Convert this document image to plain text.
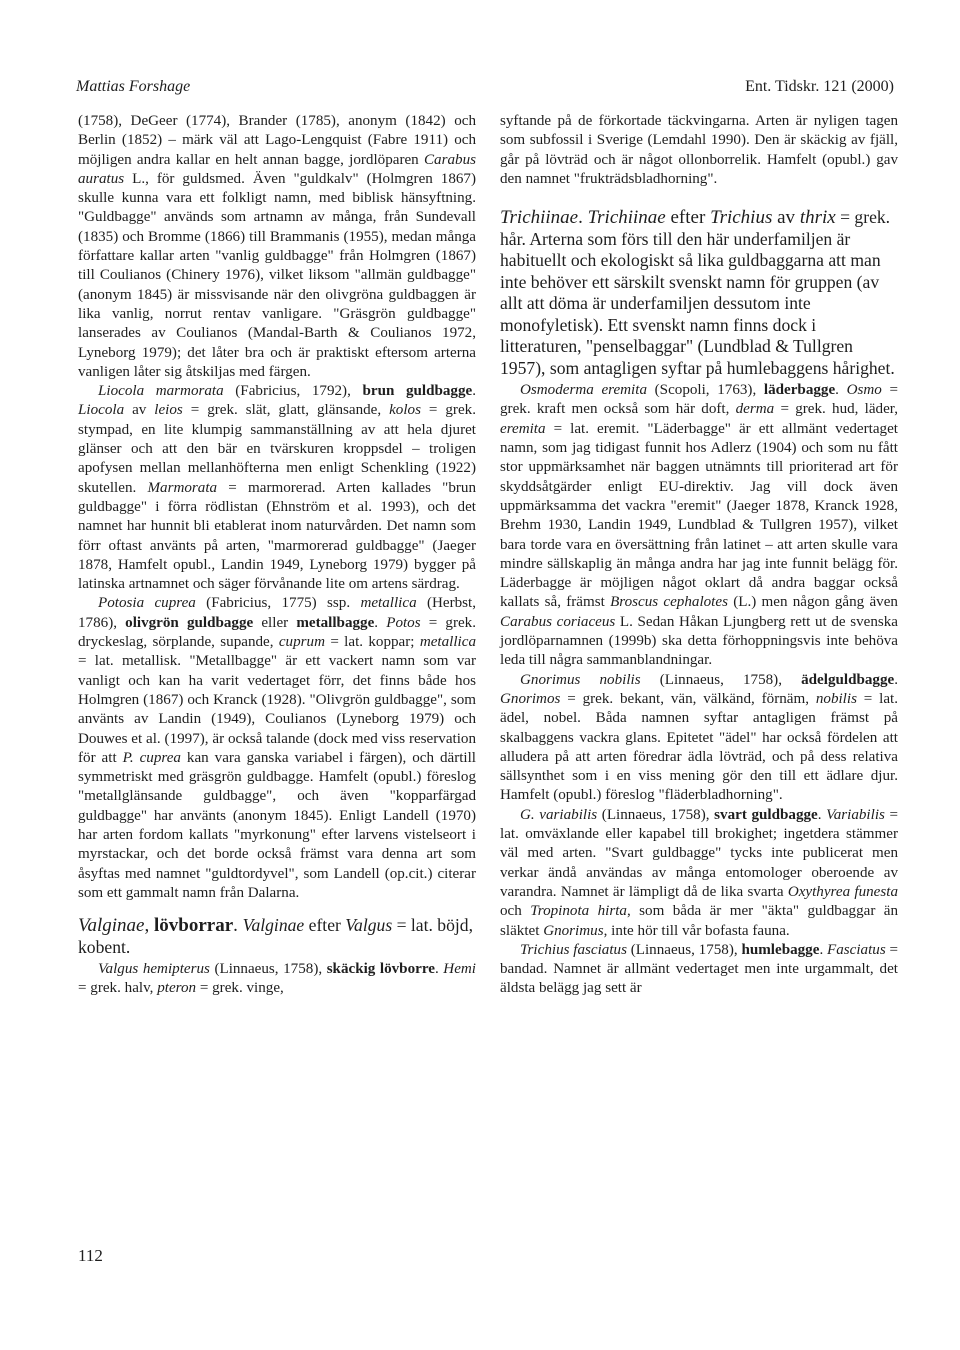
Mattias Forshage	Ent. Tidskr. 121 (2000)

(1758), DeGeer (1774), Brander (1785), anonym (1842) och Berlin (1852) – märk väl att Lago-Lengquist (Fabre 1911) och möjligen andra kallar en helt annan bagge, jordlöparen Carabus auratus L., för guldsmed. Även "guldkalv" (Holmgren 1867) skulle kunna vara ett folkligt namn, med biblisk hänsyftning. "Guldbagge" används som artnamn av många, från Sundevall (1835) och Bromme (1866) till Brammanis (1955), medan många författare kallar arten "vanlig guldbagge" från Holmgren (1867) till Coulianos (Chinery 1976), vilket liksom "allmän guldbagge" (anonym 1845) är missvisande när den olivgröna guldbaggen är lika vanlig, norrut rentav vanligare. "Gräsgrön guldbagge" lanserades av Coulianos (Mandal-Barth & Coulianos 1972, Lyneborg 1979); det låter bra och är praktiskt eftersom arterna vanligen låter sig åtskiljas med färgen.

Liocola marmorata (Fabricius, 1792), brun guldbagge. Liocola av leios = grek. slät, glatt, glänsande, kolos = grek. stympad, en lite klumpig sammanställning av att hela djuret glänser och att den bär en tvärskuren kroppsdel – troligen apofysen mellan mellanhöfterna men enligt Schenkling (1922) skutellen. Marmorata = marmorerad. Arten kallades "brun guldbagge" i förra rödlistan (Ehnström et al. 1993), och det namnet har hunnit bli etablerat inom naturvården. Det namn som förr oftast använts på arten, "marmorerad guldbagge" (Jaeger 1878, Hamfelt opubl., Landin 1949, Lyneborg 1979) bygger på latinska artnamnet och säger förvånande lite om artens särdrag.

Potosia cuprea (Fabricius, 1775) ssp. metallica (Herbst, 1786), olivgrön guldbagge eller metallbagge. Potos = grek. dryckeslag, sörplande, supande, cuprum = lat. koppar; metallica = lat. metallisk. "Metallbagge" är ett vackert namn som var vanligt och kan ha varit vedertaget förr, det finns både hos Holmgren (1867) och Kranck (1928). "Olivgrön guldbagge", som använts av Landin (1949), Coulianos (Lyneborg 1979) och Douwes et al. (1997), är också talande (dock med viss reservation för att P. cuprea kan vara ganska variabel i färgen), och därtill symmetriskt med gräsgrön guldbagge. Hamfelt (opubl.) föreslog "metallglänsande guldbagge", och även "kopparfärgad guldbagge" har använts (anonym 1845). Enligt Landell (1970) har arten fordom kallats "myrkonung" efter larvens vistelseort i myrstackar, och det borde också främst vara denna art som åsyftas med namnet "guldtordyvel", som Landell (op.cit.) citerar som ett gammalt namn från Dalarna.

Valginae, lövborrar. Valginae efter Valgus = lat. böjd, kobent.

Valgus hemipterus (Linnaeus, 1758), skäckig lövborre. Hemi = grek. halv, pteron = grek. vinge,

syftande på de förkortade täckvingarna. Arten är nyligen tagen som subfossil i Sverige (Lemdahl 1990). Den är skäckig av fjäll, går på lövträd och är något ollonborrelik. Hamfelt (opubl.) gav den namnet "frukträdsbladhorning".

Trichiinae. Trichiinae efter Trichius av thrix = grek. hår. Arterna som förs till den här underfamiljen är habituellt och ekologiskt så lika guldbaggarna att man inte behöver ett särskilt svenskt namn för gruppen (av allt att döma är underfamiljen dessutom inte monofyletisk). Ett svenskt namn finns dock i litteraturen, "penselbaggar" (Lundblad & Tullgren 1957), som antagligen syftar på humlebaggens hårighet.

Osmoderma eremita (Scopoli, 1763), läderbagge. Osmo = grek. kraft men också som här doft, derma = grek. hud, läder, eremita = lat. eremit. "Läderbagge" är ett allmänt vedertaget namn, som jag tidigast funnit hos Adlerz (1904) och som nu fått stor uppmärksamhet när baggen utnämnts till prioriterad art för skyddsåtgärder enligt EU-direktiv. Jag vill dock även uppmärksamma det vackra "eremit" (Jaeger 1878, Kranck 1928, Brehm 1930, Landin 1949, Lundblad & Tullgren 1957), vilket bara torde vara en översättning från latinet – att arten skulle vara mindre sällskaplig än många andra har jag inte funnit belägg för. Läderbagge är möjligen något oklart då andra baggar också kallats så, främst Broscus cephalotes (L.) men någon gång även Carabus coriaceus L. Sedan Håkan Ljungberg rett ut de svenska jordlöparnamnen (1999b) ska detta förhoppningsvis inte behöva leda till några sammanblandningar.

Gnorimus nobilis (Linnaeus, 1758), ädelguldbagge. Gnorimos = grek. bekant, vän, välkänd, förnäm, nobilis = lat. ädel, nobel. Båda namnen syftar antagligen främst på skalbaggens vackra glans. Epitetet "ädel" har också fördelen att alludera på att arten föredrar ädla lövträd, och på dess relativa sällsynthet som i en viss mening gör den till ett ädlare djur. Hamfelt (opubl.) föreslog "fläderbladhorning".

G. variabilis (Linnaeus, 1758), svart guldbagge. Variabilis = lat. omväxlande eller kapabel till brokighet; ingetdera stämmer väl med arten. "Svart guldbagge" tycks inte publicerat men verkar ändå användas av många entomologer oberoende av varandra. Namnet är lämpligt då de lika svarta Oxythyrea funesta och Tropinota hirta, som båda är mer "äkta" guldbaggar än släktet Gnorimus, inte hör till vår bofasta fauna.

Trichius fasciatus (Linnaeus, 1758), humlebagge. Fasciatus = bandad. Namnet är allmänt vedertaget men inte urgammalt, det äldsta belägg jag sett är

112
